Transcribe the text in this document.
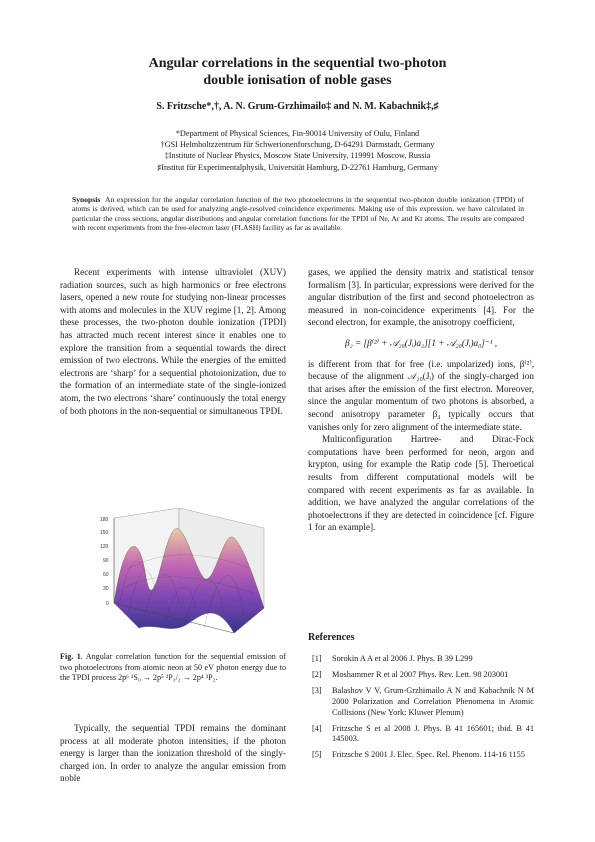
Angular correlations in the sequential two-photon
double ionisation of noble gases
S. Fritzsche*,†, A. N. Grum-Grzhimailo‡ and N. M. Kabachnik‡,♯
*Department of Physical Sciences, Fin-90014 University of Oulu, Finland
†GSI Helmholtzzentrum für Schwerionenforschung, D-64291 Darmstadt, Germany
‡Institute of Nuclear Physics, Moscow State University, 119991 Moscow, Russia
♯Institut für Experimentalphysik, Universität Hamburg, D-22761 Hamburg, Germany
Synopsis An expression for the angular correlation function of the two photoelectrons in the sequential two-photon double ionization (TPDI) of atoms is derived, which can be used for analyzing angle-resolved coincidence experiments. Making use of this expression, we have calculated in particular the cross sections, angular distributions and angular correlation functions for the TPDI of Ne, Ar and Kr atoms. The results are compared with recent experiments from the free-electron laser (FLASH) facility as far as available.

Recent experiments with intense ultraviolet (XUV) radiation sources, such as high harmonics or free electrons lasers, opened a new route for studying non-linear processes with atoms and molecules in the XUV regime [1, 2]. Among these processes, the two-photon double ionization (TPDI) has attracted much recent interest since it enables one to explore the transition from a sequential towards the direct emission of two electrons. While the energies of the emitted electrons are ‘sharp’ for a sequential photoionization, due to the formation of an intermediate state of the single-ionized atom, the two electrons ‘share’ continuously the total energy of both photons in the non-sequential or simultaneous TPDI.

0
30
60
90
120
150
180
Fig. 1. Angular correlation function for the sequential emission of two photoelectrons from atomic neon at 50 eV photon energy due to the TPDI process 2p⁶ ¹S₀ → 2p⁵ ²P₃/₂ → 2p⁴ ³P₂.

Typically, the sequential TPDI remains the dominant process at all moderate photon intensities, if the photon energy is larger than the ionization threshold of the singly-charged ion. In order to analyze the angular emission from noble

gases, we applied the density matrix and statistical tensor formalism [3]. In particular, expressions were derived for the angular distribution of the first and second photoelectron as measured in non-coincidence experiments [4]. For the second electron, for example, the anisotropy coefficient,

β₂ = [β⁽²⁾ + 𝒜₂₀(Jᵢ)a₂][1 + 𝒜₂₀(Jᵢ)a₀]⁻¹ ,

is different from that for free (i.e. unpolarized) ions, β⁽²⁾, because of the alignment 𝒜₂₀(Jᵢ) of the singly-charged ion that arises after the emission of the first electron. Moreover, since the angular momentum of two photons is absorbed, a second anisotropy parameter β₄ typically occurs that vanishes only for zero alignment of the intermediate state.

Multiconfiguration Hartree- and Dirac-Fock computations have been performed for neon, argon and krypton, using for example the Ratip code [5]. Theroetical results from different computational models will be compared with recent experiments as far as available. In addition, we have analyzed the angular correlations of the photoelectrons if they are detected in coincidence [cf. Figure 1 for an example].

References
[1] Sorokin A A et al 2006 J. Phys. B 39 L299
[2] Moshammer R et al 2007 Phys. Rev. Lett. 98 203001
[3] Balashov V V, Grum-Grzhimailo A N and Kabachnik N M 2000 Polarization and Correlation Phenomena in Atomic Collisions (New York: Kluwer Plenum)
[4] Fritzsche S et al 2008 J. Phys. B 41 165601; ibid. B 41 145003.
[5] Fritzsche S 2001 J. Elec. Spec. Rel. Phenom. 114-16 1155
